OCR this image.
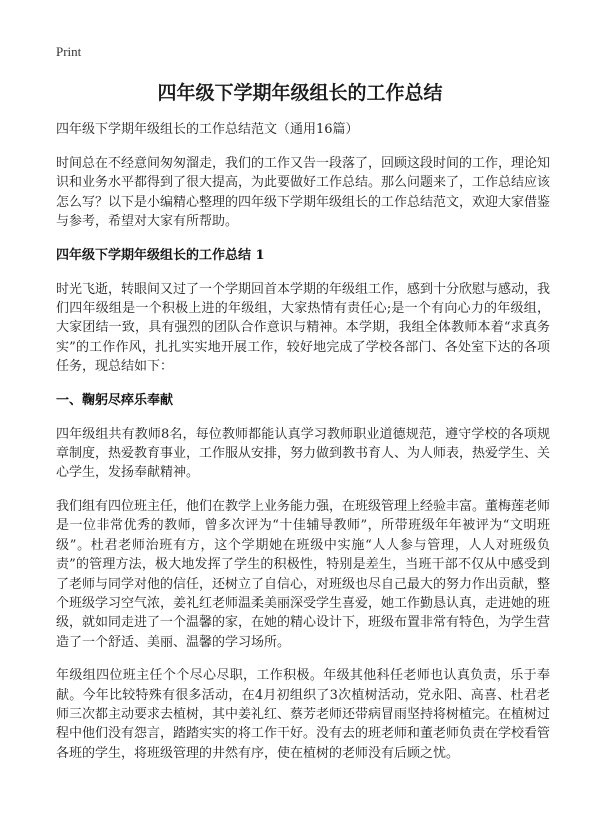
Print
四年级下学期年级组长的工作总结

四年级下学期年级组长的工作总结范文（通用16篇）

时间总在不经意间匆匆溜走，我们的工作又告一段落了，回顾这段时间的工作，理论知识和业务水平都得到了很大提高，为此要做好工作总结。那么问题来了，工作总结应该怎么写？以下是小编精心整理的四年级下学期年级组长的工作总结范文，欢迎大家借鉴与参考，希望对大家有所帮助。

四年级下学期年级组长的工作总结 1

时光飞逝，转眼间又过了一个学期回首本学期的年级组工作，感到十分欣慰与感动，我们四年级组是一个积极上进的年级组，大家热情有责任心;是一个有向心力的年级组，大家团结一致，具有强烈的团队合作意识与精神。本学期，我组全体教师本着“求真务实”的工作作风，扎扎实实地开展工作，较好地完成了学校各部门、各处室下达的各项任务，现总结如下：

一、鞠躬尽瘁乐奉献

四年级组共有教师8名，每位教师都能认真学习教师职业道德规范，遵守学校的各项规章制度，热爱教育事业，工作服从安排，努力做到教书育人、为人师表，热爱学生、关心学生，发扬奉献精神。

我们组有四位班主任，他们在教学上业务能力强，在班级管理上经验丰富。董梅莲老师是一位非常优秀的教师，曾多次评为“十佳辅导教师”，所带班级年年被评为“文明班级”。杜君老师治班有方，这个学期她在班级中实施“人人参与管理，人人对班级负责”的管理方法，极大地发挥了学生的积极性，特别是差生，当班干部不仅从中感受到了老师与同学对他的信任，还树立了自信心，对班级也尽自己最大的努力作出贡献，整个班级学习空气浓，姜礼红老师温柔美丽深受学生喜爱，她工作勤恳认真，走进她的班级，就如同走进了一个温馨的家，在她的精心设计下，班级布置非常有特色，为学生营造了一个舒适、美丽、温馨的学习场所。

年级组四位班主任个个尽心尽职，工作积极。年级其他科任老师也认真负责，乐于奉献。今年比较特殊有很多活动，在4月初组织了3次植树活动，党永阳、高喜、杜君老师三次都主动要求去植树，其中姜礼红、蔡芳老师还带病冒雨坚持将树植完。在植树过程中他们没有怨言，踏踏实实的将工作干好。没有去的班老师和董老师负责在学校看管各班的学生，将班级管理的井然有序，使在植树的老师没有后顾之忧。
